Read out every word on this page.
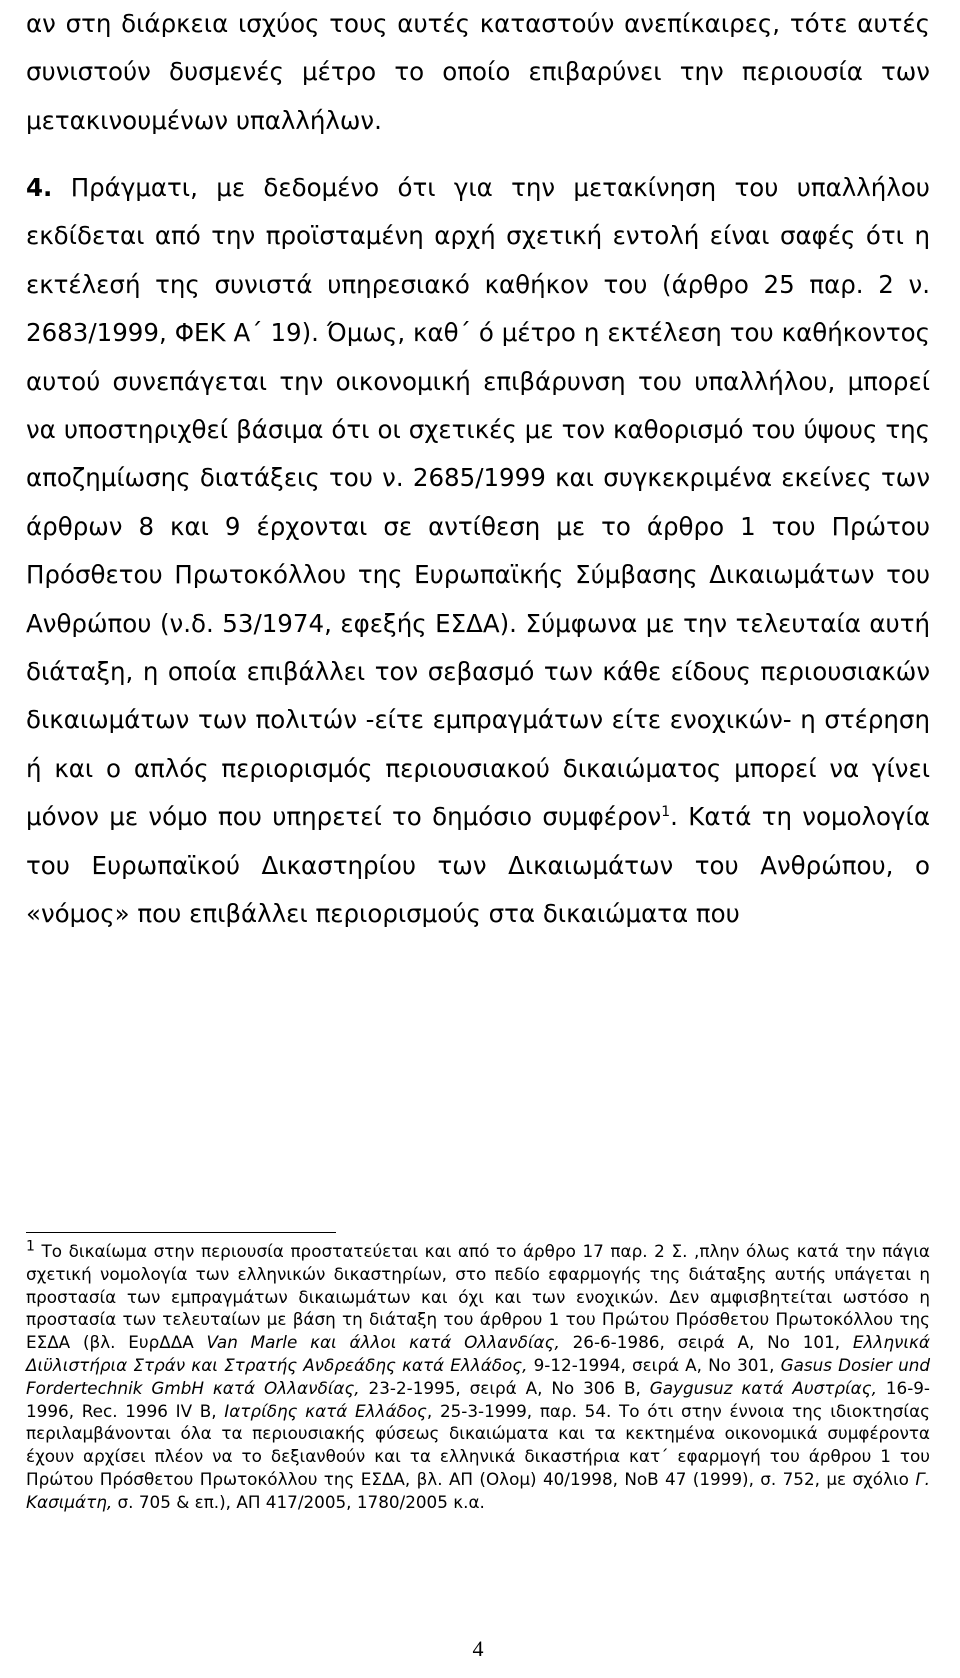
αν στη διάρκεια ισχύος τους αυτές καταστούν ανεπίκαιρες, τότε αυτές συνιστούν δυσμενές μέτρο το οποίο επιβαρύνει την περιουσία των μετακινουμένων υπαλλήλων.

4. Πράγματι, με δεδομένο ότι για την μετακίνηση του υπαλλήλου εκδίδεται από την προϊσταμένη αρχή σχετική εντολή είναι σαφές ότι η εκτέλεσή της συνιστά υπηρεσιακό καθήκον του (άρθρο 25 παρ. 2 ν. 2683/1999, ΦΕΚ Α΄ 19). Όμως, καθ΄ ό μέτρο η εκτέλεση του καθήκοντος αυτού συνεπάγεται την οικονομική επιβάρυνση του υπαλλήλου, μπορεί να υποστηριχθεί βάσιμα ότι οι σχετικές με τον καθορισμό του ύψους της αποζημίωσης διατάξεις του ν. 2685/1999 και συγκεκριμένα εκείνες των άρθρων 8 και 9 έρχονται σε αντίθεση με το άρθρο 1 του Πρώτου Πρόσθετου Πρωτοκόλλου της Ευρωπαϊκής Σύμβασης Δικαιωμάτων του Ανθρώπου (ν.δ. 53/1974, εφεξής ΕΣΔΑ). Σύμφωνα με την τελευταία αυτή διάταξη, η οποία επιβάλλει τον σεβασμό των κάθε είδους περιουσιακών δικαιωμάτων των πολιτών -είτε εμπραγμάτων είτε ενοχικών- η στέρηση ή και ο απλός περιορισμός περιουσιακού δικαιώματος μπορεί να γίνει μόνον με νόμο που υπηρετεί το δημόσιο συμφέρον$^1$. Κατά τη νομολογία του Ευρωπαϊκού Δικαστηρίου των Δικαιωμάτων του Ανθρώπου, ο «νόμος» που επιβάλλει περιορισμούς στα δικαιώματα που

$^1$ Το δικαίωμα στην περιουσία προστατεύεται και από το άρθρο 17 παρ. 2 Σ. ,πλην όλως κατά την πάγια σχετική νομολογία των ελληνικών δικαστηρίων, στο πεδίο εφαρμογής της διάταξης αυτής υπάγεται η προστασία των εμπραγμάτων δικαιωμάτων και όχι και των ενοχικών. Δεν αμφισβητείται ωστόσο η προστασία των τελευταίων με βάση τη διάταξη του άρθρου 1 του Πρώτου Πρόσθετου Πρωτοκόλλου της ΕΣΔΑ (βλ. ΕυρΔΔΑ Van Marle και άλλοι κατά Ολλανδίας, 26-6-1986, σειρά Α, Νο 101, Ελληνικά Διϋλιστήρια Στράν και Στρατής Ανδρεάδης κατά Ελλάδος, 9-12-1994, σειρά Α, Νο 301, Gasus Dosier und Fordertechnik GmbH κατά Ολλανδίας, 23-2-1995, σειρά Α, Νο 306 Β, Gaygusuz κατά Αυστρίας, 16-9-1996, Rec. 1996 IV B, Ιατρίδης κατά Ελλάδος, 25-3-1999, παρ. 54. Το ότι στην έννοια της ιδιοκτησίας περιλαμβάνονται όλα τα περιουσιακής φύσεως δικαιώματα και τα κεκτημένα οικονομικά συμφέροντα έχουν αρχίσει πλέον να το δεξιανθούν και τα ελληνικά δικαστήρια κατ΄ εφαρμογή του άρθρου 1 του Πρώτου Πρόσθετου Πρωτοκόλλου της ΕΣΔΑ, βλ. ΑΠ (Ολομ) 40/1998, ΝοΒ 47 (1999), σ. 752, με σχόλιο Γ. Κασιμάτη, σ. 705 & επ.), ΑΠ 417/2005, 1780/2005 κ.α.

4
